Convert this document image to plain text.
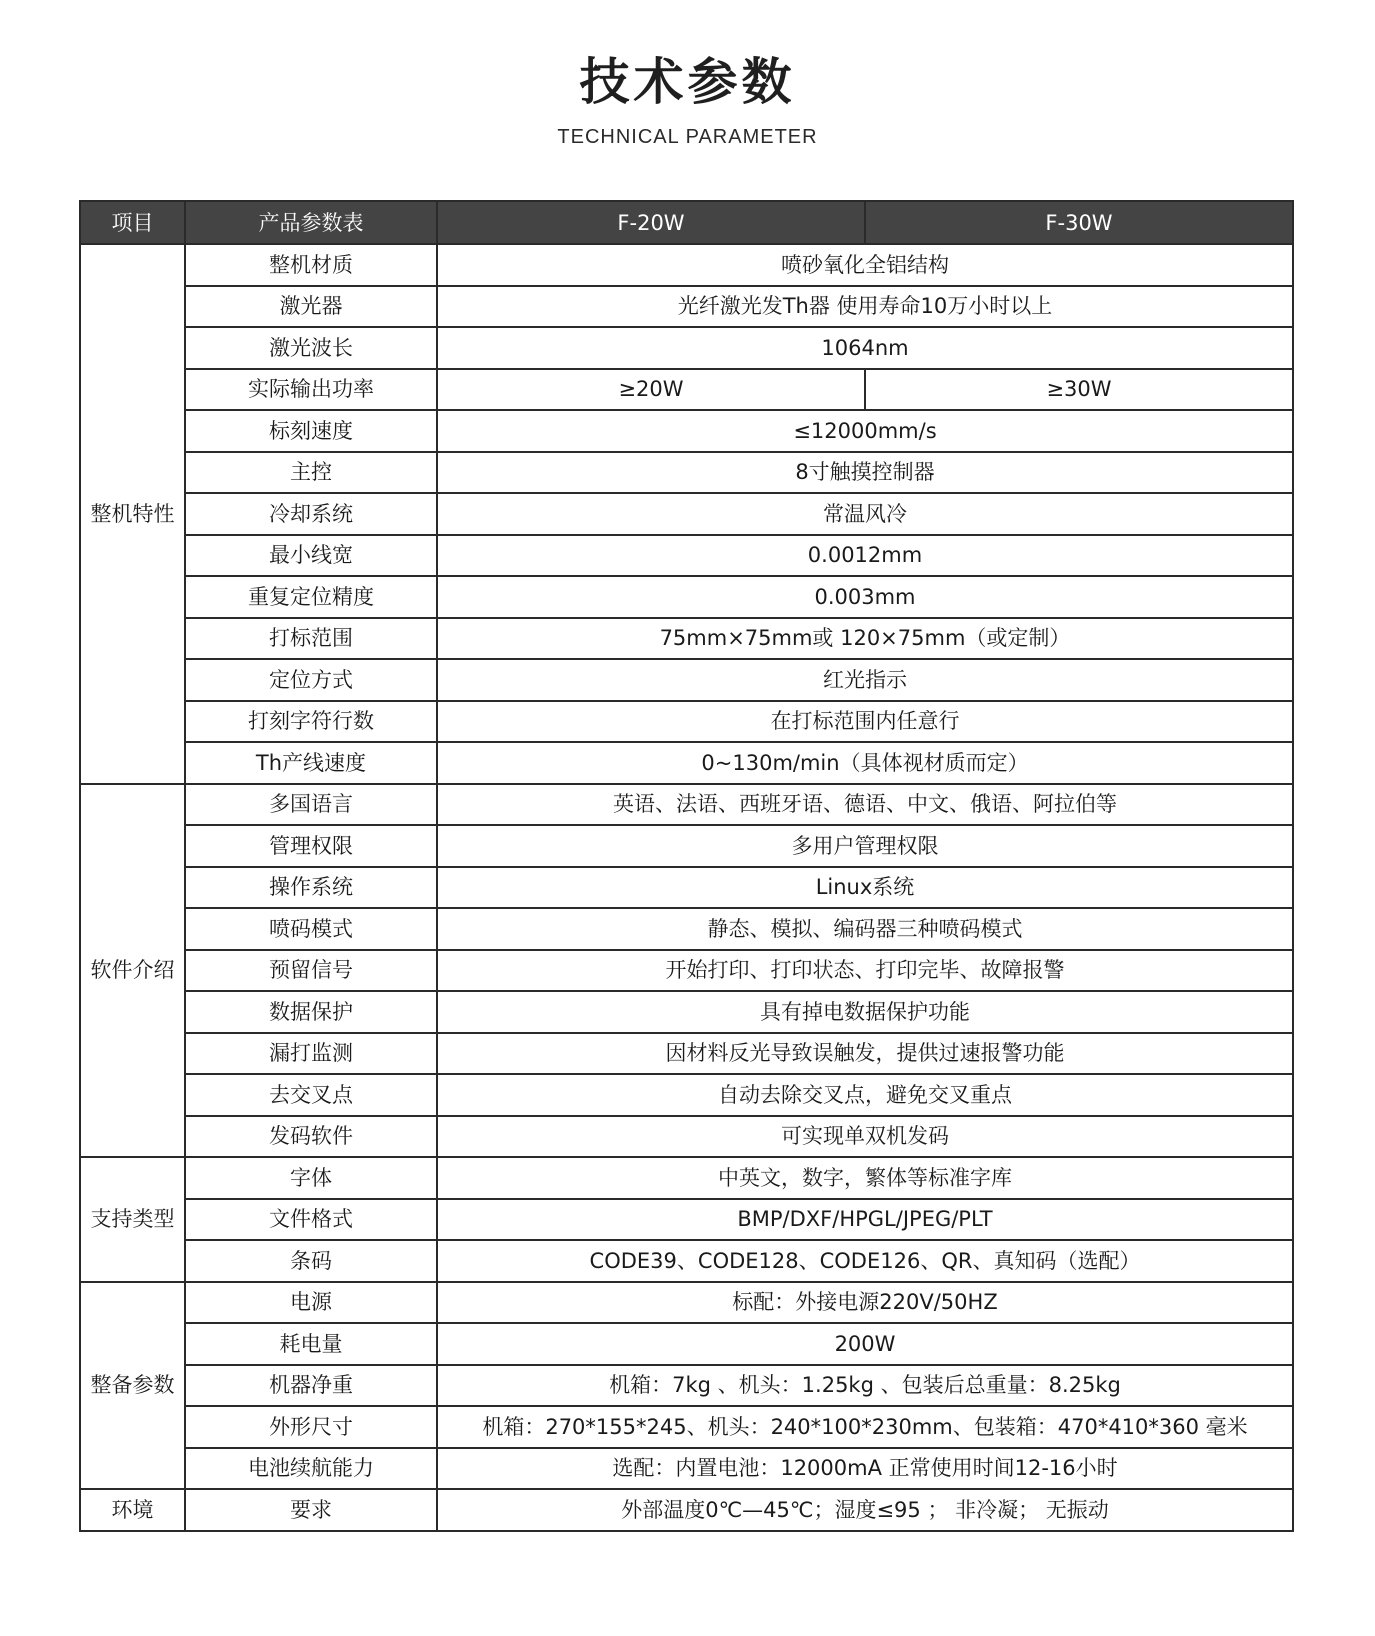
技术参数
TECHNICAL PARAMETER
项目	产品参数表	F-20W	F-30W
整机特性	整机材质	喷砂氧化全铝结构	
	激光器	光纤激光发Th器 使用寿命10万小时以上	
	激光波长	1064nm	
	实际输出功率	≥20W	≥30W
	标刻速度	≤12000mm/s	
	主控	8寸触摸控制器	
	冷却系统	常温风冷	
	最小线宽	0.0012mm	
	重复定位精度	0.003mm	
	打标范围	75mm×75mm或 120×75mm（或定制）	
	定位方式	红光指示	
	打刻字符行数	在打标范围内任意行	
	Th产线速度	0~130m/min（具体视材质而定）	
软件介绍	多国语言	英语、法语、西班牙语、德语、中文、俄语、阿拉伯等	
	管理权限	多用户管理权限	
	操作系统	Linux系统	
	喷码模式	静态、模拟、编码器三种喷码模式	
	预留信号	开始打印、打印状态、打印完毕、故障报警	
	数据保护	具有掉电数据保护功能	
	漏打监测	因材料反光导致误触发，提供过速报警功能	
	去交叉点	自动去除交叉点，避免交叉重点	
	发码软件	可实现单双机发码	
支持类型	字体	中英文，数字，繁体等标准字库	
	文件格式	BMP/DXF/HPGL/JPEG/PLT	
	条码	CODE39、CODE128、CODE126、QR、真知码（选配）	
整备参数	电源	标配：外接电源220V/50HZ	
	耗电量	200W	
	机器净重	机箱：7kg 、机头：1.25kg 、包装后总重量：8.25kg	
	外形尺寸	机箱：270*155*245、机头：240*100*230mm、包装箱：470*410*360 毫米	
	电池续航能力	选配：内置电池：12000mA 正常使用时间12-16小时	
环境	要求	外部温度0℃—45℃；湿度≤95 ； 非冷凝； 无振动	
